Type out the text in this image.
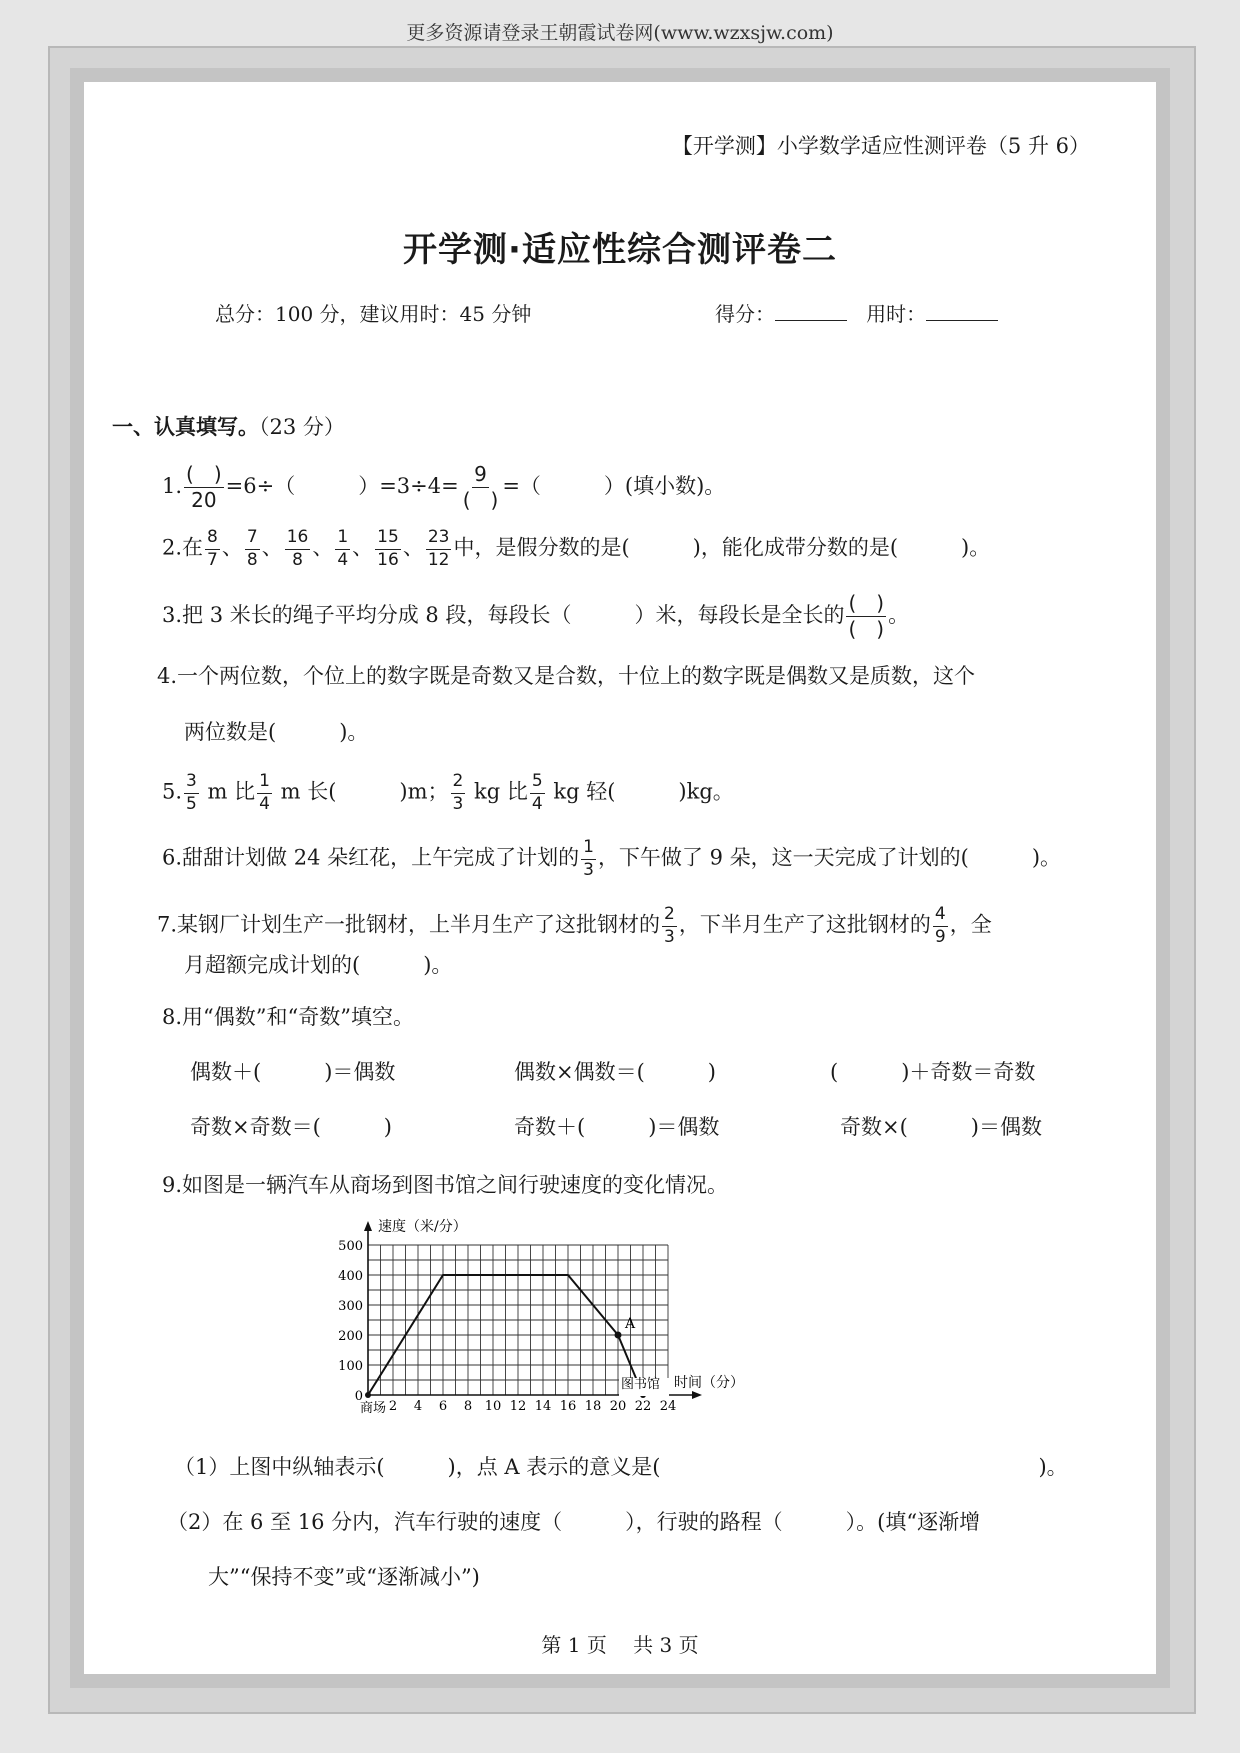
更多资源请登录王朝霞试卷网(www.wzxsjw.com)
【开学测】小学数学适应性测评卷（5 升 6）
开学测·适应性综合测评卷二
总分：100 分，建议用时：45 分钟	得分：	用时：
一、认真填写。（23 分）
1. $\frac{( )}{20} =6\div$（　　　）$=3\div 4= \frac{9}{( )}$ =（　　　）(填小数)。
2.在 $\frac{8}{7}$ 、 $\frac{7}{8}$ 、 $\frac{16}{8}$ 、 $\frac{1}{4}$ 、 $\frac{15}{16}$ 、 $\frac{23}{12}$ 中，是假分数的是(　　　)，能化成带分数的是(　　　)。
3.把 3 米长的绳子平均分成 8 段，每段长（　　　）米，每段长是全长的 $\frac{( )}{( )}$ 。
4.一个两位数，个位上的数字既是奇数又是合数，十位上的数字既是偶数又是质数，这个
两位数是(　　　)。
5. $\frac{3}{5}$ m 比 $\frac{1}{4}$ m 长(　　　)m； $\frac{2}{3}$ kg 比 $\frac{5}{4}$ kg 轻(　　　)kg。
6.甜甜计划做 24 朵红花，上午完成了计划的 $\frac{1}{3}$ ，下午做了 9 朵，这一天完成了计划的(　　　)。
7.某钢厂计划生产一批钢材，上半月生产了这批钢材的 $\frac{2}{3}$ ，下半月生产了这批钢材的 $\frac{4}{9}$ ，全
月超额完成计划的(　　　)。
8.用“偶数”和“奇数”填空。
偶数＋(　　　)＝偶数	偶数×偶数＝(　　　)	(　　　)＋奇数＝奇数
奇数×奇数＝(　　　)	奇数＋(　　　)＝偶数	奇数×(　　　)＝偶数
9.如图是一辆汽车从商场到图书馆之间行驶速度的变化情况。
2 4 6 8 10 12 14 16 18 20 22 24
0
100
200
300
400
500
速度（米/分）
时间（分）
商场
图书馆
A
（1）上图中纵轴表示(　　　)，点 A 表示的意义是(　　　　　　　　　　　　　　　　　　)。
（2）在 6 至 16 分内，汽车行驶的速度（　　　），行驶的路程（　　　）。(填“逐渐增
大”“保持不变”或“逐渐减小”)
第 1 页　 共 3 页
